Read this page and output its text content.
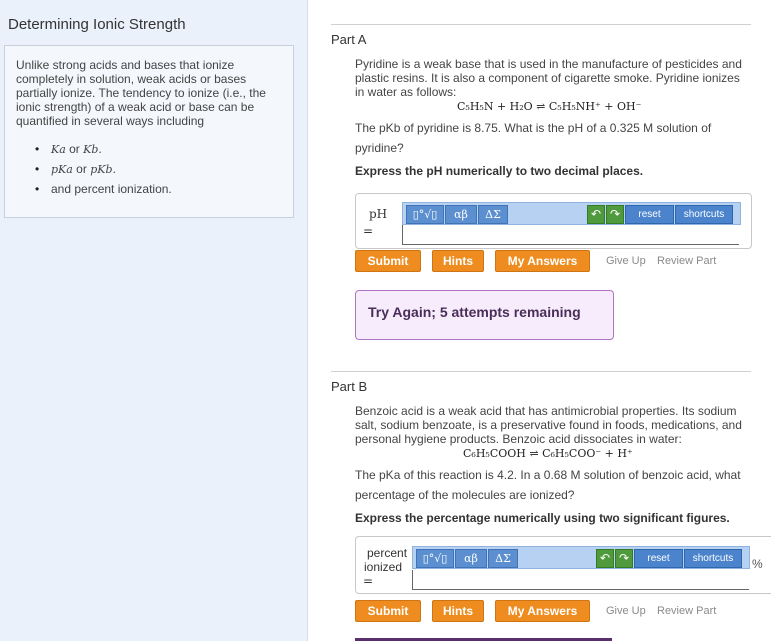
Determining Ionic Strength
Unlike strong acids and bases that ionize completely in solution, weak acids or bases partially ionize. The tendency to ionize (i.e., the ionic strength) of a weak acid or base can be quantified in several ways including
• Ka or Kb.
• pKa or pKb.
• and percent ionization.
Part A
Pyridine is a weak base that is used in the manufacture of pesticides and plastic resins. It is also a component of cigarette smoke. Pyridine ionizes in water as follows:
C₅H₅N + H₂O ⇌ C₅H₅NH⁺ + OH⁻
The pKb of pyridine is 8.75. What is the pH of a 0.325 M solution of
pyridine?
Express the pH numerically to two decimal places.
pH
=
▯°√▯	αβ	ΔΣ	↶ ↷	reset	shortcuts
Submit	Hints	My Answers	Give Up Review Part
Try Again; 5 attempts remaining
Part B
Benzoic acid is a weak acid that has antimicrobial properties. Its sodium salt, sodium benzoate, is a preservative found in foods, medications, and personal hygiene products. Benzoic acid dissociates in water:
C₆H₅COOH ⇌ C₆H₅COO⁻ + H⁺
The pKa of this reaction is 4.2. In a 0.68 M solution of benzoic acid, what
percentage of the molecules are ionized?
Express the percentage numerically using two significant figures.
percent
ionized
=
▯°√▯	αβ	ΔΣ	↶ ↷	reset	shortcuts	%
Submit	Hints	My Answers	Give Up Review Part
